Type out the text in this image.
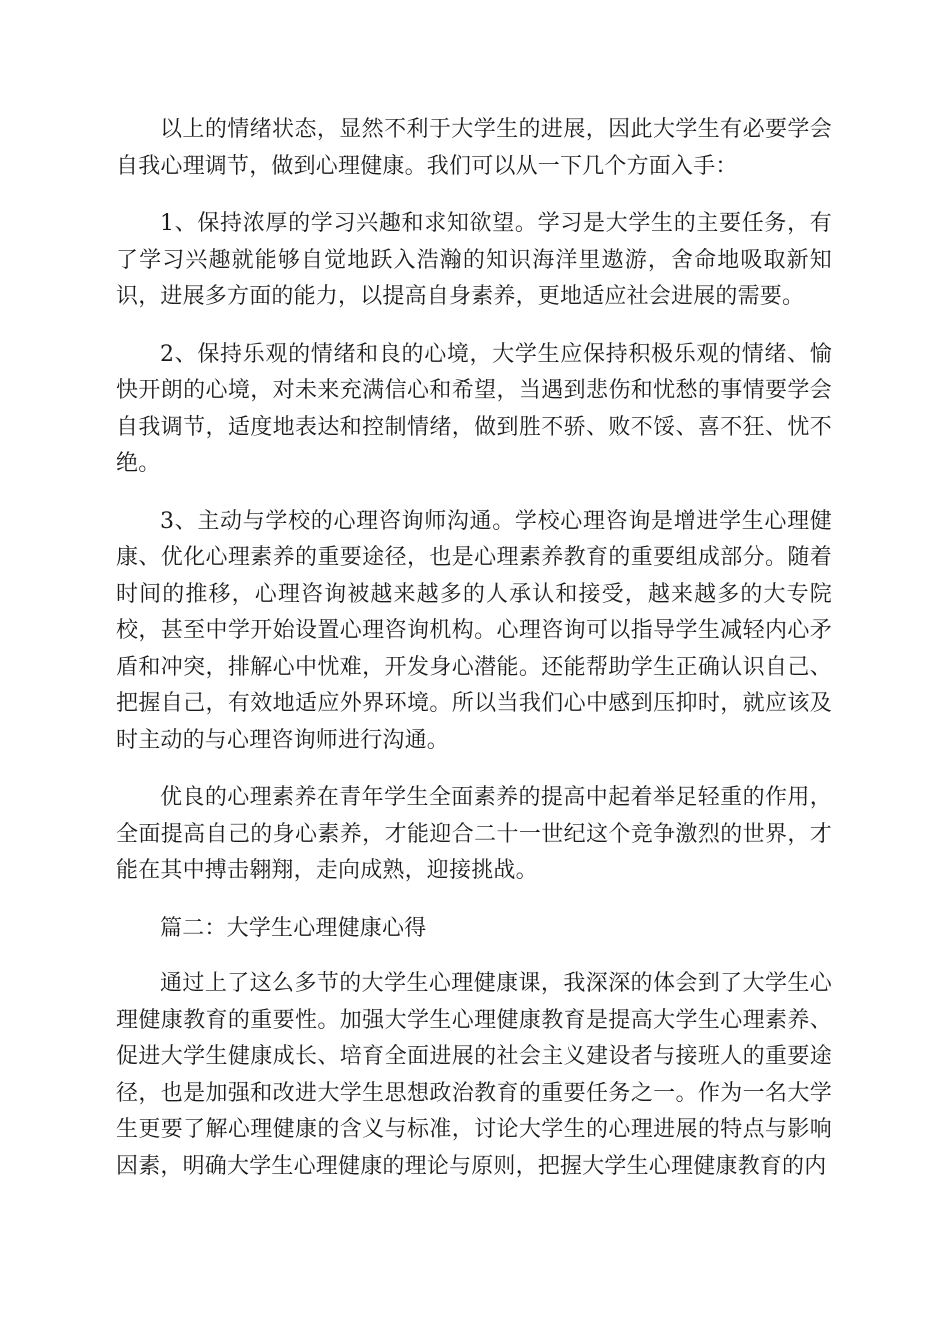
以上的情绪状态，显然不利于大学生的进展，因此大学生有必要学会自我心理调节，做到心理健康。我们可以从一下几个方面入手：

1、保持浓厚的学习兴趣和求知欲望。学习是大学生的主要任务，有了学习兴趣就能够自觉地跃入浩瀚的知识海洋里遨游，舍命地吸取新知识，进展多方面的能力，以提高自身素养，更地适应社会进展的需要。

2、保持乐观的情绪和良的心境，大学生应保持积极乐观的情绪、愉快开朗的心境，对未来充满信心和希望，当遇到悲伤和忧愁的事情要学会自我调节，适度地表达和控制情绪，做到胜不骄、败不馁、喜不狂、忧不绝。

3、主动与学校的心理咨询师沟通。学校心理咨询是增进学生心理健康、优化心理素养的重要途径，也是心理素养教育的重要组成部分。随着时间的推移，心理咨询被越来越多的人承认和接受，越来越多的大专院校，甚至中学开始设置心理咨询机构。心理咨询可以指导学生减轻内心矛盾和冲突，排解心中忧难，开发身心潜能。还能帮助学生正确认识自己、把握自己，有效地适应外界环境。所以当我们心中感到压抑时，就应该及时主动的与心理咨询师进行沟通。

优良的心理素养在青年学生全面素养的提高中起着举足轻重的作用，全面提高自己的身心素养，才能迎合二十一世纪这个竞争激烈的世界，才能在其中搏击翱翔，走向成熟，迎接挑战。

篇二：大学生心理健康心得

通过上了这么多节的大学生心理健康课，我深深的体会到了大学生心理健康教育的重要性。加强大学生心理健康教育是提高大学生心理素养、促进大学生健康成长、培育全面进展的社会主义建设者与接班人的重要途径，也是加强和改进大学生思想政治教育的重要任务之一。作为一名大学生更要了解心理健康的含义与标准，讨论大学生的心理进展的特点与影响因素，明确大学生心理健康的理论与原则，把握大学生心理健康教育的内
